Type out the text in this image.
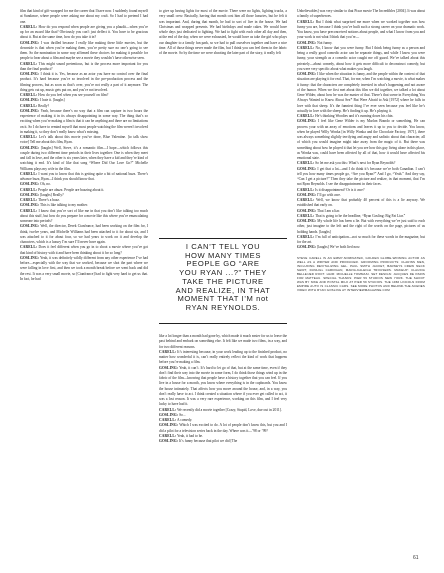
film that kind of gift-wrapped for me the career that I have now. I suddenly found myself at Sundance, where people were asking me about my craft. So I had to pretend I had one.

CARELL: How do you respond when people are giving you a plaudit—when you’re up for an award like that? Obviously you can’t just deflect it. You have to be gracious about it. But at the same time, how do you take it in?

GOSLING: I was thrilled because I really like making these little movies, but the downside is that when you’re making them, you’re pretty sure no one’s going to see them. So the nomination in some way affirmed these choices for making it possible for people to hear about a film and maybe see a movie they wouldn’t have otherwise seen.

CARELL: This might sound pretentious, but is the process more important for you than the final product?

GOSLING: I think it is. Yes, because as an actor you have no control over the final product. It’s hard because you’re so involved in the pre-production process and the filming process, but as soon as that’s over, you’re not really a part of it anymore. The thing gets cut up, music gets put on, and you’re not involved.

CARELL: How do you feel when you see yourself on film?

GOSLING: I hate it. [laughs]

CARELL: Really?

GOSLING: Yeah, because there’s no way that a film can capture in two hours the experience of making it in its always disappointing in some way. The thing that’s so exciting when you’re making a film is that it can be anything and there are no limitations on it. So I do have to remind myself that most people watching the film weren’t involved in making it, so they don’t really know what’s missing.

CARELL: Let’s talk about this movie you’ve done, Blue Valentine. [to talk show voice] Tell me about this film, Ryan.

GOSLING: [laughs] Well, Steve, it’s a romantic film—I hope—which follows this couple during two different time periods in their lives together: One is when they meet and fall in love, and the other is six years later, when they have a kid and they’re kind of watching it end. It’s kind of like that song “Where Did Our Love Go?” Michelle Williams plays my wife in the film.

CARELL: I want you to know that this is getting quite a bit of national buzz. There’s advance buzz, Ryan—I think you should know that.

GOSLING: Oh, no.

CARELL: People are abuzz. People are buzzing about it.

GOSLING: [laughs] Really?

CARELL: There’s a buzz.

GOSLING: This is like talking to my mother.

CARELL: I know that you’re sort of like me in that you don’t like talking too much about this stuff, but how do you prepare for a movie like this where you’re emasculating someone into periods?

GOSLING: Well, the director, Derek Cianfrance, had been working on the film for, I think, twelve years, and Michelle Williams had been attached to it for about six, and I was attached to it for about four, so we had years to work on it and develop the characters, which is a luxury I’m sure I’ll never have again.

CARELL: Does it feel different when you go in to shoot a movie where you’ve got that kind of history with it and have been thinking about it for so long?

GOSLING: Yeah, it was definitely wildly different from any other experience I’ve had before—especially with the way that we worked, because we shot the part where we were falling in love first, and then we took a month break before we went back and did the rest. It was a very small movie, so [Cianfrance] had to fight very hard to get us that. In fact, he had

to give up having lights for most of the movie. There were no lights, lighting trucks, a very small crew. Basically, having that month cost him all those luxuries, but he felt it was important. And, during that month, he had to sort of live in the house. We had Christmas and wrapped presents. We had birthdays and made cakes. We would have whole days just dedicated to fighting. We had to fight with each other all day and then, at the end of the day, when we were exhausted, he would have us take the girl who plays our daughter to a family fun park, so we had to pull ourselves together and have a nice time. All of those things never made the film, but I think you can feel them in the fabric of the movie. So by the time we were shooting the later part of the story, it really felt

I CAN’T TELL YOU
HOW MANY TIMES
PEOPLE GO “ARE
YOU RYAN ...?” THEY
TAKE THE PICTURE
AND REALIZE, IN THAT
MOMENT THAT I’M not
RYAN REYNOLDS.

like a lot longer than a month had gone by, which made it much easier for us to leave the past behind and embark on something else. It felt like we made two films, in a way, and for two different reasons.

CARELL: It’s interesting because, in your work leading up to the finished product, no matter how wonderful it is, can’t really entirely reflect the kind of work that happens before you’re making a film.

GOSLING: Yeah, it can’t. It’s hard to let go of that, but at the same time, even if they don’t find their way into the movie in some form, I do think those things wind up in the fabric of the film—knowing that people have a history together that you can feel. If you live in a house for a month, you know where everything is in the cupboards. You know the house intimately. That affects how you move around the house, and, in a way, you don’t really have to act. I think created a situation where if you ever get called to act, it was a lost reason. It was a very rare experience, working on this film, and I feel very lucky to have had it.

CARELL: We recently did a movie together [Crazy, Stupid, Love, due out in 2011].

GOSLING: So...

CARELL: A comedy.

GOSLING: Which I was excited to do. A lot of people don’t know this, but you and I did a pilot for a television series back in the day. Where was it—’98 or ’99?

CARELL: Yeah, it had to be.

GOSLING: It’s funny because that pilot we did [The

Unbelievables] was very similar to that Pixar movie The Incredibles [2004]. It was about a family of superheroes.

CARELL: But I think what surprised me more when we worked together was how funny you are, because I think you’ve built such a strong career on your dramatic work. You know, you have preconceived notions about people, and what I know from you and your work is not what I think that you’re—

GOSLING: Not funny.

CARELL: No, I know that you were funny. But I think being funny as a person and being a really good comedic actor can be separate things, and while I know you were funny, your strength as a comedic actor caught me off guard. We’ve talked about this privately—about comedy, about how it gets more difficult to deconstruct comedy, but you were very specific about what makes you laugh.

GOSLING: I like when the situation is funny, and the people within the context of that situation are playing it for real. That, for me, when I’m watching a movie, is what makes it funny: that the characters are completely invested in what’s happening and not aware of the humor. When we first met about this film we did together, we talked a lot about Gene Wilder, about how he was the master of that. There’s that scene in Everything You Always Wanted to Know About Sex* But Were Afraid to Ask [1972] where he falls in love with that sheep. It’s the funniest thing I’ve ever seen because you feel like he’s actually in love with the sheep. He’s finding it up. He’s playing it.

CARELL: He’s thinking Woodies and it’s running down his chin.

GOSLING: I feel like Gene Wilder is my Marlon Brando or something. He can process your with an array of emotions and leaves it up to you to decide. You know, when he played Willy Wonka [in Willy Wonka and the Chocolate Factory, 1971], there was always something slightly terrifying and angry and sadistic about that character, all of which you would imagine might take away from the magic of it. But there was something about how he played it that let you see how this guy living alone in this place, as Wonka was, could have been affected by all of that, how it would have affected his emotional state.

CARELL: So let me ask you this: What’s next for Ryan Reynolds?

GOSLING: I get that a lot—and I do think it’s because we’re both Canadian. I can’t tell you how many times people go, “Are you Ryan?” And I go, “Yeah.” And they say, “Can I get a picture?” Then they take the picture and realize, in that moment, that I’m not Ryan Reynolds. I see the disappointment in their faces.

CARELL: Is it disappointment? Or is it awe?

GOSLING: I’ll go with awe.

CARELL: Well, we know that probably 40 percent of this is a lie anyway. We established that early on.

GOSLING: That I am a liar.

CARELL: That is going to be the headline, “Ryan Gosling: Big Fat Liar.”

GOSLING: My whole life has been a lie. But with everything we’ve just said to each other, just imagine to the left and the right of the words on the page, pictures of us holding hands. [laughs]

CARELL: I’m full of anticipation—not so much for these words in the magazine, but for the art.

GOSLING: [laughs] We’ve both lied now.

STEVE CARELL IS AN EMMY-NOMINATED, GOLDEN GLOBE-WINNING ACTOR AS WELL AS A WRITER AND PRODUCER. GROOMING PRODUCTS: CLARINS MEN, INCLUDING REVITALIZING GEL. PAUL SMITH JACKET, BARNEYS CREW NECK SHIRT, DUNHILL CARDIGAN, MARIA-KALEIGH TROUSERS. MAKEUP: CLAUDIA BELLE/JED ROOT. HAIR: MICHELLE TOMMASI. SET DESIGN: JACQUES DE PARIS FOR MATTEAU. SPECIAL THANKS: PIER 59 STUDIOS NEW YORK. THE SHOOT WAS BY NIKE AND POSTAL MILK AT PIER 59 STUDIOS. THE 1966 LINCOLN FROM EMPIRE AUTO IS CLASSIC CARS. SEE MORE PHOTOS AND BEHIND-THE-SCENES VIDEO WITH RYAN GOSLING AT INTERVIEWMAGAZINE.COM
61
